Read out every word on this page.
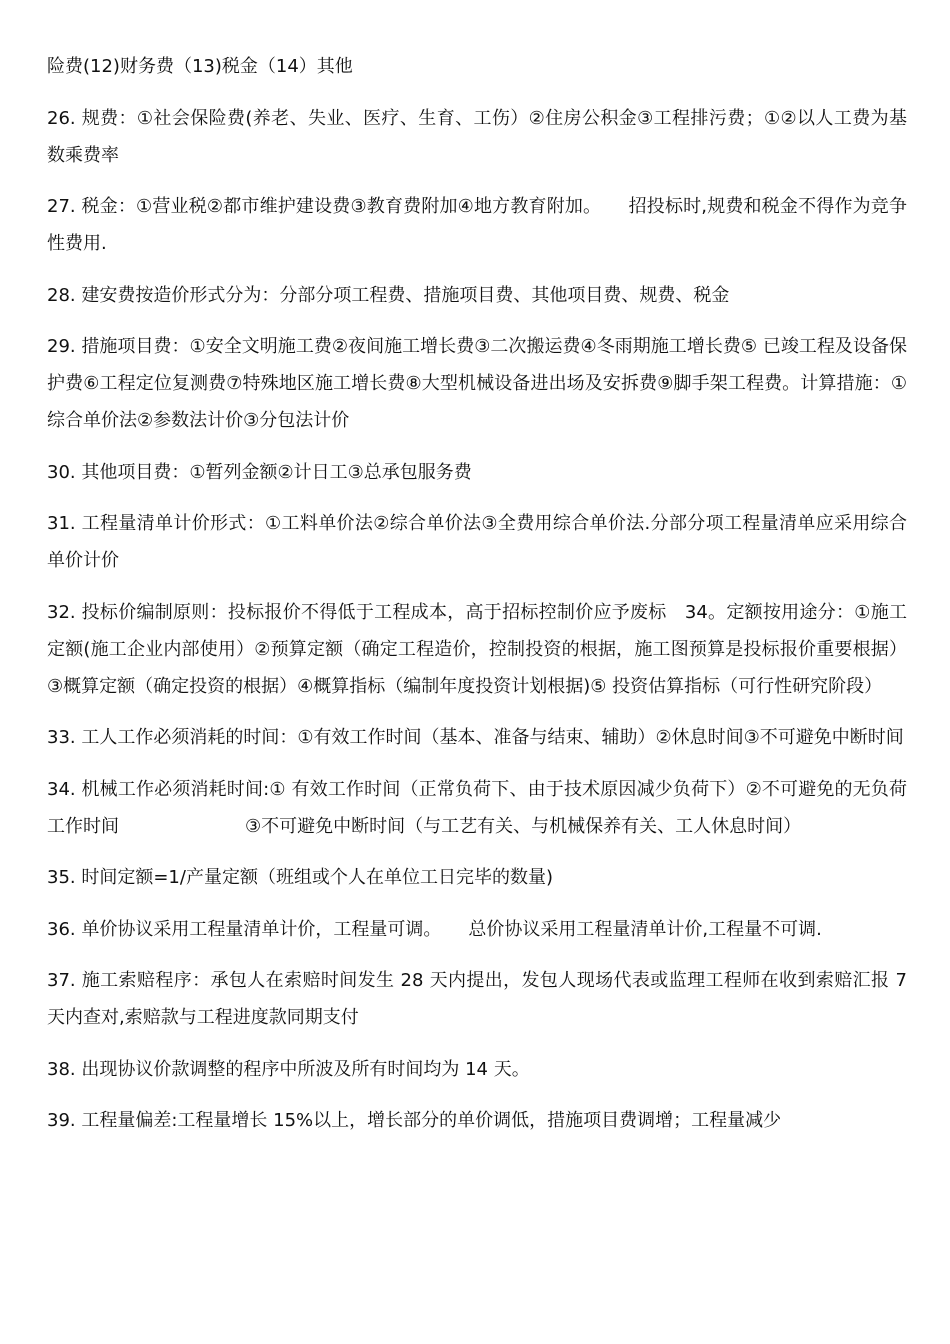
险费(12)财务费（13)税金（14）其他

26. 规费：①社会保险费(养老、失业、医疗、生育、工伤）②住房公积金③工程排污费；①②以人工费为基数乘费率

27. 税金：①营业税②都市维护建设费③教育费附加④地方教育附加。　　招投标时,规费和税金不得作为竞争性费用.

28. 建安费按造价形式分为：分部分项工程费、措施项目费、其他项目费、规费、税金

29. 措施项目费：①安全文明施工费②夜间施工增长费③二次搬运费④冬雨期施工增长费⑤ 已竣工程及设备保护费⑥工程定位复测费⑦特殊地区施工增长费⑧大型机械设备进出场及安拆费⑨脚手架工程费。计算措施：①综合单价法②参数法计价③分包法计价

30. 其他项目费：①暂列金额②计日工③总承包服务费

31. 工程量清单计价形式：①工料单价法②综合单价法③全费用综合单价法.分部分项工程量清单应采用综合单价计价

32. 投标价编制原则：投标报价不得低于工程成本，高于招标控制价应予废标　34。定额按用途分：①施工定额(施工企业内部使用）②预算定额（确定工程造价，控制投资的根据，施工图预算是投标报价重要根据）③概算定额（确定投资的根据）④概算指标（编制年度投资计划根据)⑤ 投资估算指标（可行性研究阶段）

33. 工人工作必须消耗的时间：①有效工作时间（基本、准备与结束、辅助）②休息时间③不可避免中断时间

34. 机械工作必须消耗时间:① 有效工作时间（正常负荷下、由于技术原因减少负荷下）②不可避免的无负荷工作时间　　　　　　　③不可避免中断时间（与工艺有关、与机械保养有关、工人休息时间）

35. 时间定额=1/产量定额（班组或个人在单位工日完毕的数量)

36. 单价协议采用工程量清单计价，工程量可调。　　总价协议采用工程量清单计价,工程量不可调.

37. 施工索赔程序：承包人在索赔时间发生 28 天内提出，发包人现场代表或监理工程师在收到索赔汇报 7 天内查对,索赔款与工程进度款同期支付

38. 出现协议价款调整的程序中所波及所有时间均为 14 天。

39. 工程量偏差:工程量增长 15%以上，增长部分的单价调低，措施项目费调增；工程量减少
